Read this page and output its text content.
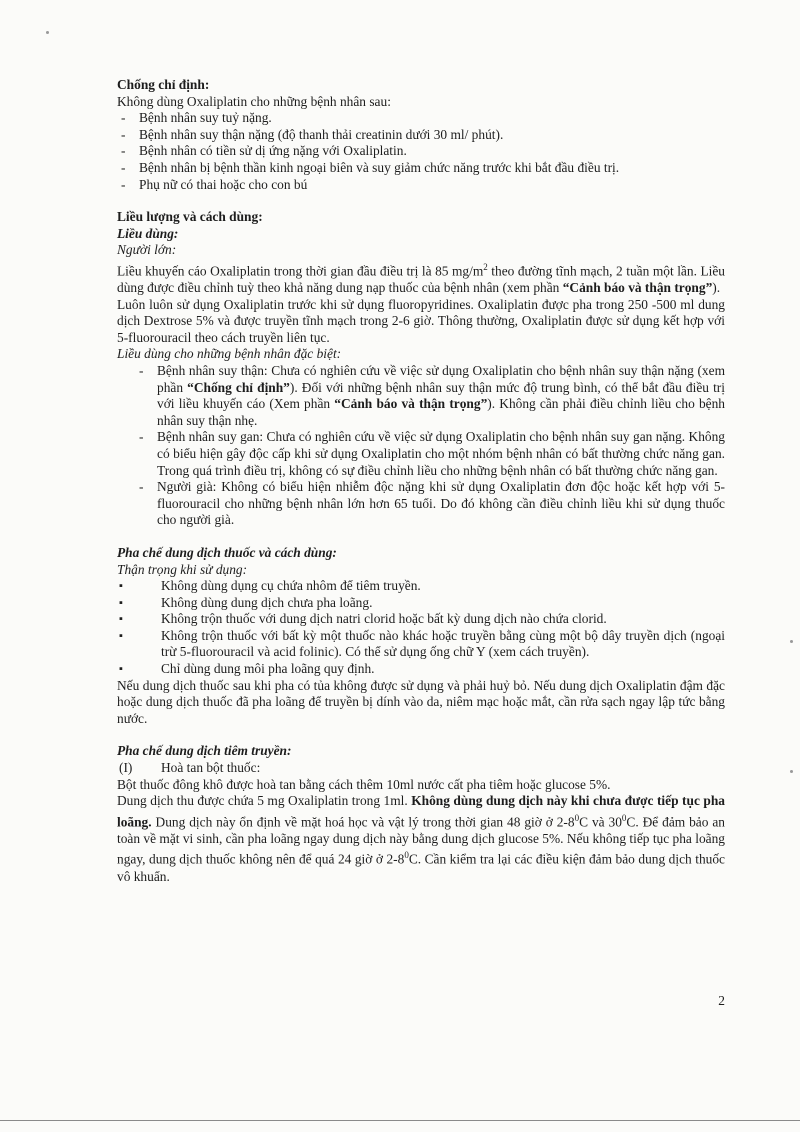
Chống chỉ định:

Không dùng Oxaliplatin cho những bệnh nhân sau:

- Bệnh nhân suy tuỷ nặng.
- Bệnh nhân suy thận nặng (độ thanh thải creatinin dưới 30 ml/ phút).
- Bệnh nhân có tiền sử dị ứng nặng với Oxaliplatin.
- Bệnh nhân bị bệnh thần kinh ngoại biên và suy giảm chức năng trước khi bắt đầu điều trị.
- Phụ nữ có thai hoặc cho con bú
Liều lượng và cách dùng:
Liều dùng:
Người lớn:

Liều khuyến cáo Oxaliplatin trong thời gian đầu điều trị là 85 $mg/m^2$ theo đường tĩnh mạch, 2 tuần một lần. Liều dùng được điều chỉnh tuỳ theo khả năng dung nạp thuốc của bệnh nhân (xem phần “Cảnh báo và thận trọng”).

Luôn luôn sử dụng Oxaliplatin trước khi sử dụng fluoropyridines. Oxaliplatin được pha trong 250 -500 ml dung dịch Dextrose 5% và được truyền tĩnh mạch trong 2-6 giờ. Thông thường, Oxaliplatin được sử dụng kết hợp với 5-fluorouracil theo cách truyền liên tục.

Liều dùng cho những bệnh nhân đặc biệt:
- Bệnh nhân suy thận: Chưa có nghiên cứu về việc sử dụng Oxaliplatin cho bệnh nhân suy thận nặng (xem phần “Chống chỉ định”). Đối với những bệnh nhân suy thận mức độ trung bình, có thể bắt đầu điều trị với liều khuyến cáo (Xem phần “Cảnh báo và thận trọng”). Không cần phải điều chỉnh liều cho bệnh nhân suy thận nhẹ.
- Bệnh nhân suy gan: Chưa có nghiên cứu về việc sử dụng Oxaliplatin cho bệnh nhân suy gan nặng. Không có biểu hiện gây độc cấp khi sử dụng Oxaliplatin cho một nhóm bệnh nhân có bất thường chức năng gan. Trong quá trình điều trị, không có sự điều chỉnh liều cho những bệnh nhân có bất thường chức năng gan.
- Người già: Không có biểu hiện nhiễm độc nặng khi sử dụng Oxaliplatin đơn độc hoặc kết hợp với 5-fluorouracil cho những bệnh nhân lớn hơn 65 tuổi. Do đó không cần điều chỉnh liều khi sử dụng thuốc cho người già.
Pha chế dung dịch thuốc và cách dùng:
Thận trọng khi sử dụng:
▪ Không dùng dụng cụ chứa nhôm để tiêm truyền.
▪ Không dùng dung dịch chưa pha loãng.
▪ Không trộn thuốc với dung dịch natri clorid hoặc bất kỳ dung dịch nào chứa clorid.
▪ Không trộn thuốc với bất kỳ một thuốc nào khác hoặc truyền bằng cùng một bộ dây truyền dịch (ngoại trừ 5-fluorouracil và acid folinic). Có thể sử dụng ống chữ Y (xem cách truyền).
▪ Chỉ dùng dung môi pha loãng quy định.

Nếu dung dịch thuốc sau khi pha có tủa không được sử dụng và phải huỷ bỏ. Nếu dung dịch Oxaliplatin đậm đặc hoặc dung dịch thuốc đã pha loãng để truyền bị dính vào da, niêm mạc hoặc mắt, cần rửa sạch ngay lập tức bằng nước.

Pha chế dung dịch tiêm truyền:
(I) Hoà tan bột thuốc:

Bột thuốc đông khô được hoà tan bằng cách thêm 10ml nước cất pha tiêm hoặc glucose 5%.

Dung dịch thu được chứa 5 mg Oxaliplatin trong 1ml. Không dùng dung dịch này khi chưa được tiếp tục pha loãng. Dung dịch này ổn định về mặt hoá học và vật lý trong thời gian 48 giờ ở $2-8^0C$ và $30^0C$. Để đảm bảo an toàn về mặt vi sinh, cần pha loãng ngay dung dịch này bằng dung dịch glucose 5%. Nếu không tiếp tục pha loãng ngay, dung dịch thuốc không nên để quá 24 giờ ở $2-8^0C$. Cần kiểm tra lại các điều kiện đảm bảo dung dịch thuốc vô khuẩn.

2
